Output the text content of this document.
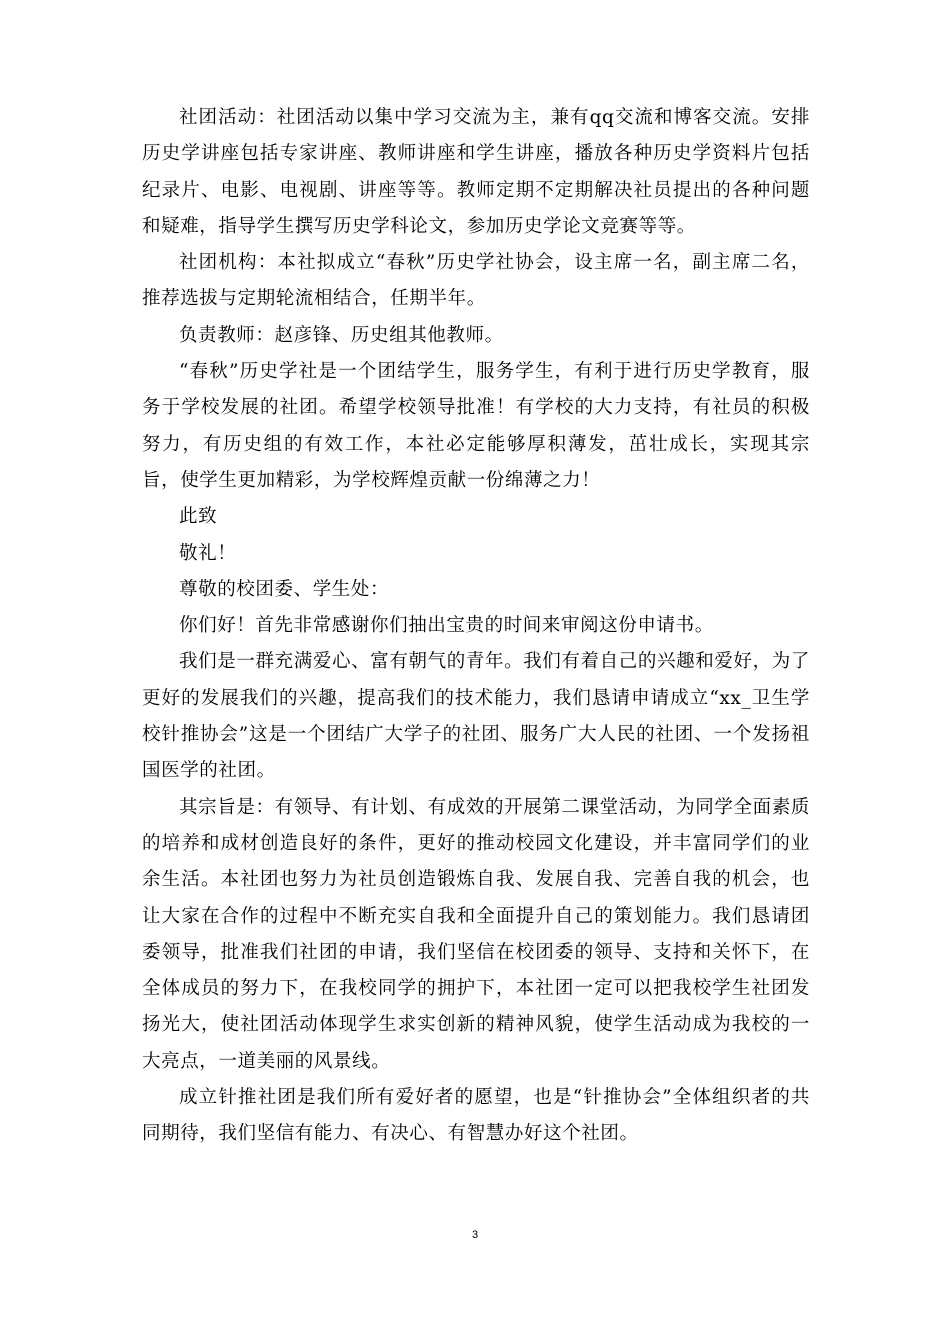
社团活动：社团活动以集中学习交流为主，兼有qq交流和博客交流。安排历史学讲座包括专家讲座、教师讲座和学生讲座，播放各种历史学资料片包括纪录片、电影、电视剧、讲座等等。教师定期不定期解决社员提出的各种问题和疑难，指导学生撰写历史学科论文，参加历史学论文竞赛等等。

社团机构：本社拟成立“春秋”历史学社协会，设主席一名，副主席二名，推荐选拔与定期轮流相结合，任期半年。

负责教师：赵彦锋、历史组其他教师。

“春秋”历史学社是一个团结学生，服务学生，有利于进行历史学教育，服务于学校发展的社团。希望学校领导批准！有学校的大力支持，有社员的积极努力，有历史组的有效工作，本社必定能够厚积薄发，茁壮成长，实现其宗旨，使学生更加精彩，为学校辉煌贡献一份绵薄之力！

此致

敬礼！

尊敬的校团委、学生处：

你们好！首先非常感谢你们抽出宝贵的时间来审阅这份申请书。

我们是一群充满爱心、富有朝气的青年。我们有着自己的兴趣和爱好，为了更好的发展我们的兴趣，提高我们的技术能力，我们恳请申请成立“xx_卫生学校针推协会”这是一个团结广大学子的社团、服务广大人民的社团、一个发扬祖国医学的社团。

其宗旨是：有领导、有计划、有成效的开展第二课堂活动，为同学全面素质的培养和成材创造良好的条件，更好的推动校园文化建设，并丰富同学们的业余生活。本社团也努力为社员创造锻炼自我、发展自我、完善自我的机会，也让大家在合作的过程中不断充实自我和全面提升自己的策划能力。我们恳请团委领导，批准我们社团的申请，我们坚信在校团委的领导、支持和关怀下，在全体成员的努力下，在我校同学的拥护下，本社团一定可以把我校学生社团发扬光大，使社团活动体现学生求实创新的精神风貌，使学生活动成为我校的一大亮点，一道美丽的风景线。

成立针推社团是我们所有爱好者的愿望，也是“针推协会”全体组织者的共同期待，我们坚信有能力、有决心、有智慧办好这个社团。

3
